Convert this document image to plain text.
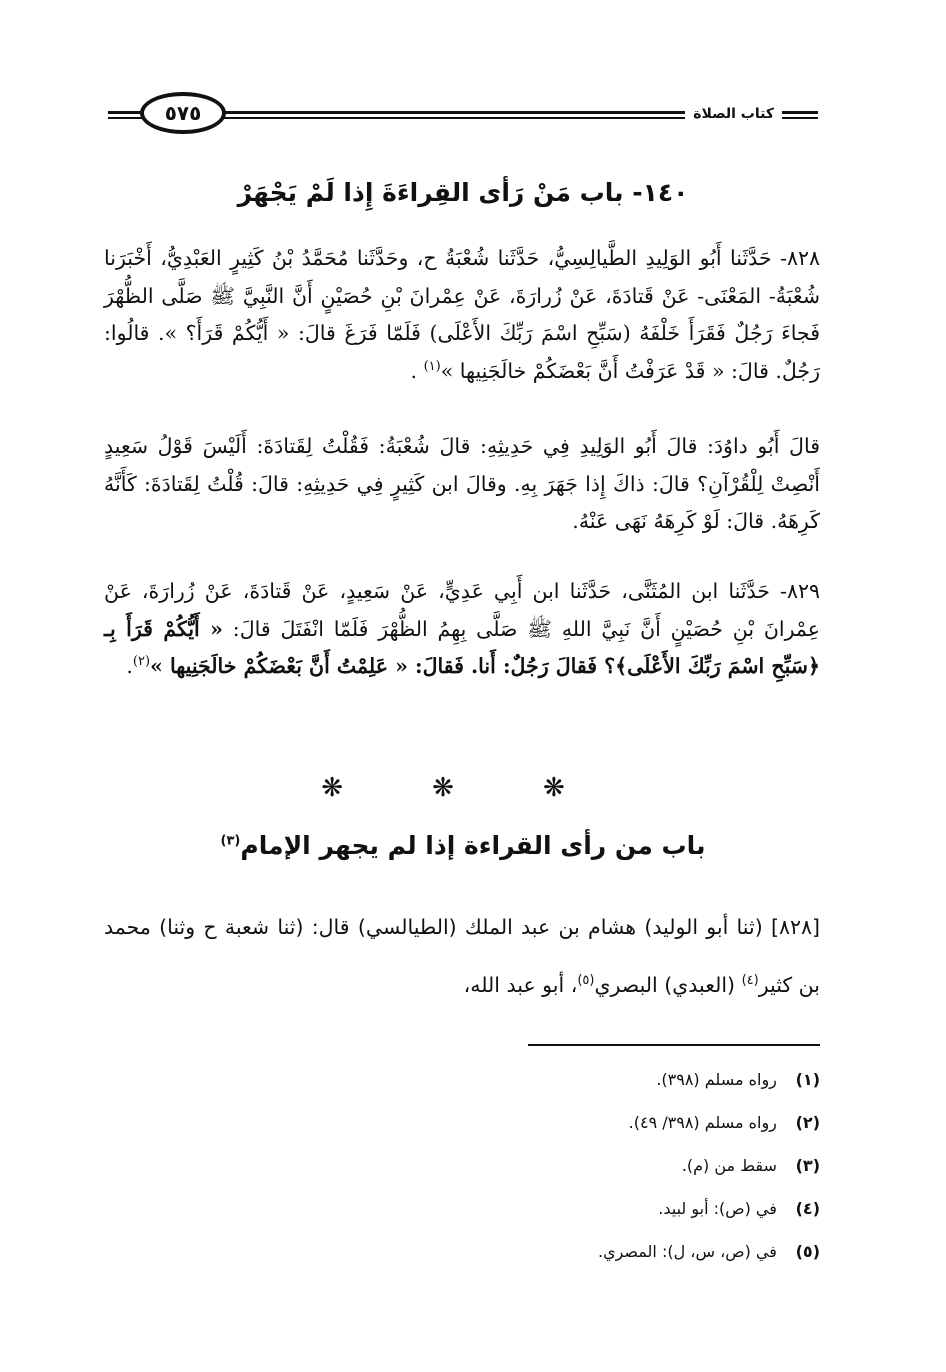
٥٧٥	كتاب الصلاة
١٤٠- باب مَنْ رَأى القِراءَةَ إِذا لَمْ يَجْهَرْ

٨٢٨- حَدَّثَنا أَبُو الوَلِيدِ الطَّيالِسِيُّ، حَدَّثَنا شُعْبَةُ ح، وحَدَّثَنا مُحَمَّدُ بْنُ كَثِيرٍ العَبْدِيُّ، أَخْبَرَنا شُعْبَةُ- المَعْنَى- عَنْ قَتادَةَ، عَنْ زُرارَةَ، عَنْ عِمْرانَ بْنِ حُصَيْنٍ أَنَّ النَّبِيَّ ﷺ صَلَّى الظُّهْرَ فَجاءَ رَجُلٌ فَقَرَأَ خَلْفَهُ (سَبِّحِ اسْمَ رَبِّكَ الأَعْلَى) فَلَمّا فَرَغَ قالَ: « أَيُّكُمْ قَرَأَ؟ ». قالُوا: رَجُلٌ. قالَ: « قَدْ عَرَفْتُ أَنَّ بَعْضَكُمْ خالَجَنِيها »$^{(١)}$ .

قالَ أَبُو داوُدَ: قالَ أَبُو الوَلِيدِ فِي حَدِيثِهِ: قالَ شُعْبَةُ: فَقُلْتُ لِقَتادَةَ: أَلَيْسَ قَوْلُ سَعِيدٍ أَنْصِتْ لِلْقُرْآنِ؟ قالَ: ذاكَ إِذا جَهَرَ بِهِ. وقالَ ابن كَثِيرٍ فِي حَدِيثِهِ: قالَ: قُلْتُ لِقَتادَةَ: كَأَنَّهُ كَرِهَهُ. قالَ: لَوْ كَرِهَهُ نَهَى عَنْهُ.

٨٢٩- حَدَّثَنا ابن المُثَنَّى، حَدَّثَنا ابن أَبِي عَدِيٍّ، عَنْ سَعِيدٍ، عَنْ قَتادَةَ، عَنْ زُرارَةَ، عَنْ عِمْرانَ بْنِ حُصَيْنٍ أَنَّ نَبِيَّ اللهِ ﷺ صَلَّى بِهِمُ الظُّهْرَ فَلَمّا انْفَتَلَ قالَ: « أَيُّكُمْ قَرَأَ بِـ ﴿سَبِّحِ اسْمَ رَبِّكَ الأَعْلَى﴾؟ فَقالَ رَجُلٌ: أَنا. فَقالَ: « عَلِمْتُ أَنَّ بَعْضَكُمْ خالَجَنِيها »$^{(٢)}$.

❋ ❋ ❋
باب من رأى القراءة إذا لم يجهر الإمام$^{(٣)}$

[٨٢٨] (ثنا أبو الوليد) هشام بن عبد الملك (الطيالسي) قال: (ثنا شعبة ح وثنا) محمد بن كثير$^{(٤)}$ (العبدي) البصري$^{(٥)}$، أبو عبد الله،

(١) رواه مسلم (٣٩٨).
(٢) رواه مسلم (٣٩٨/ ٤٩).
(٣) سقط من (م).
(٤) في (ص): أبو لبيد.
(٥) في (ص، س، ل): المصري.
